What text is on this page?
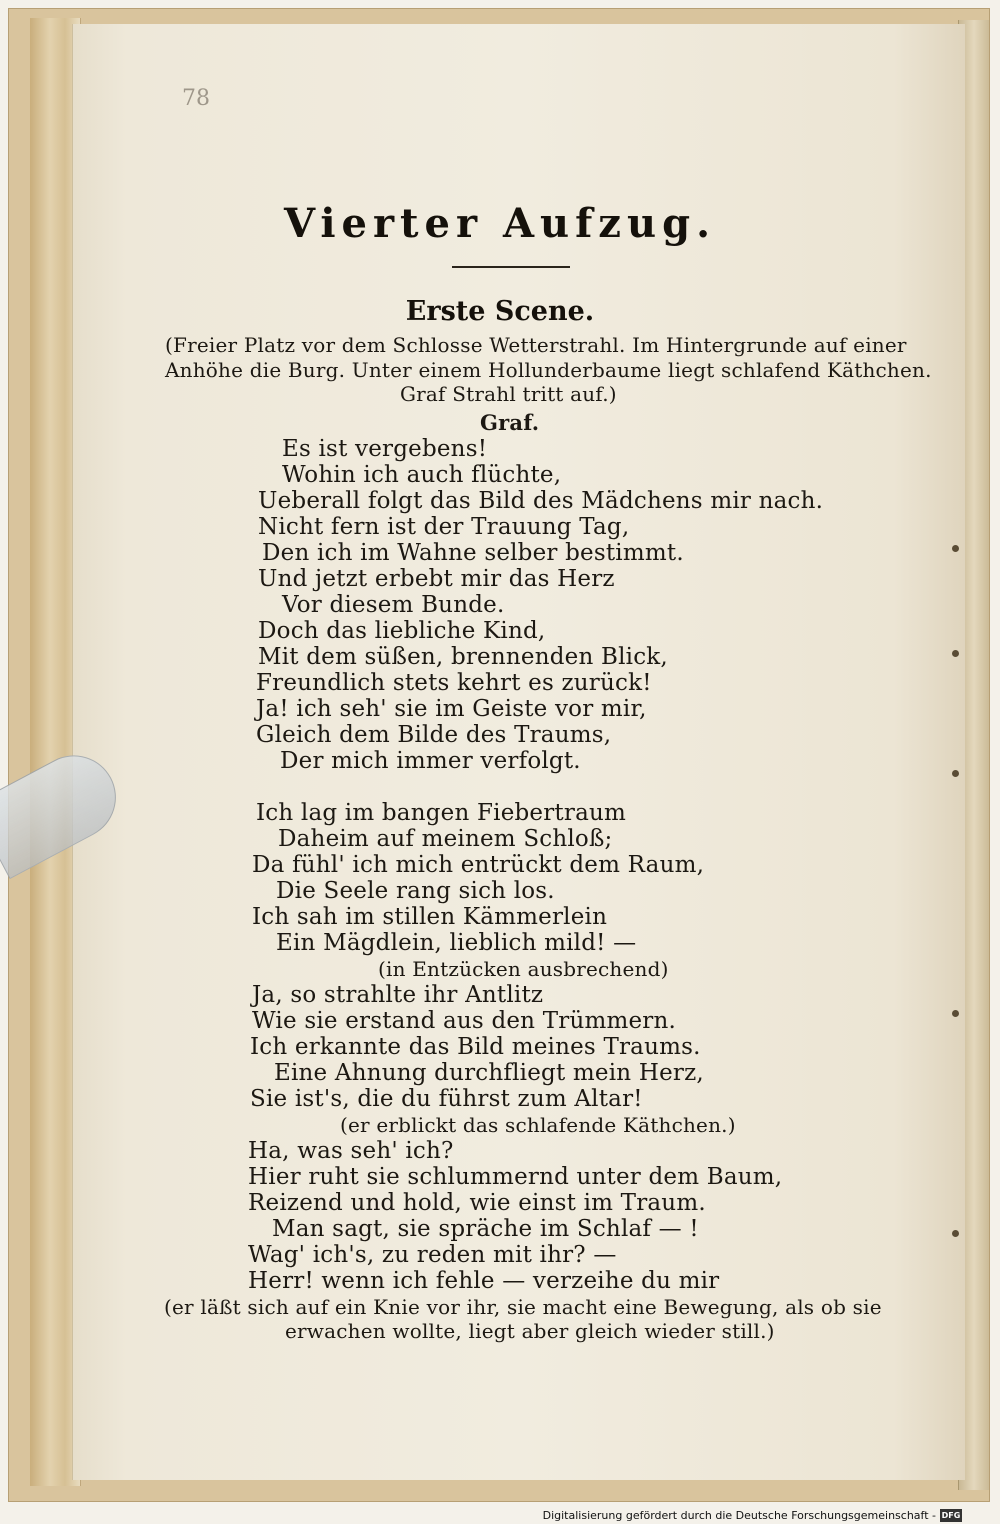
78
Vierter Aufzug.
Erste Scene.
(Freier Platz vor dem Schlosse Wetterstrahl. Im Hintergrunde auf einer
Anhöhe die Burg. Unter einem Hollunderbaume liegt schlafend Käthchen.
Graf Strahl tritt auf.)
Graf.
Es ist vergebens!
Wohin ich auch flüchte,
Ueberall folgt das Bild des Mädchens mir nach.
Nicht fern ist der Trauung Tag,
Den ich im Wahne selber bestimmt.
Und jetzt erbebt mir das Herz
Vor diesem Bunde.
Doch das liebliche Kind,
Mit dem süßen, brennenden Blick,
Freundlich stets kehrt es zurück!
Ja! ich seh' sie im Geiste vor mir,
Gleich dem Bilde des Traums,
Der mich immer verfolgt.
Ich lag im bangen Fiebertraum
Daheim auf meinem Schloß;
Da fühl' ich mich entrückt dem Raum,
Die Seele rang sich los.
Ich sah im stillen Kämmerlein
Ein Mägdlein, lieblich mild! —
(in Entzücken ausbrechend)
Ja, so strahlte ihr Antlitz
Wie sie erstand aus den Trümmern.
Ich erkannte das Bild meines Traums.
Eine Ahnung durchfliegt mein Herz,
Sie ist's, die du führst zum Altar!
(er erblickt das schlafende Käthchen.)
Ha, was seh' ich?
Hier ruht sie schlummernd unter dem Baum,
Reizend und hold, wie einst im Traum.
Man sagt, sie spräche im Schlaf — !
Wag' ich's, zu reden mit ihr? —
Herr! wenn ich fehle — verzeihe du mir
(er läßt sich auf ein Knie vor ihr, sie macht eine Bewegung, als ob sie
erwachen wollte, liegt aber gleich wieder still.)
Digitalisierung gefördert durch die Deutsche Forschungsgemeinschaft - DFG
